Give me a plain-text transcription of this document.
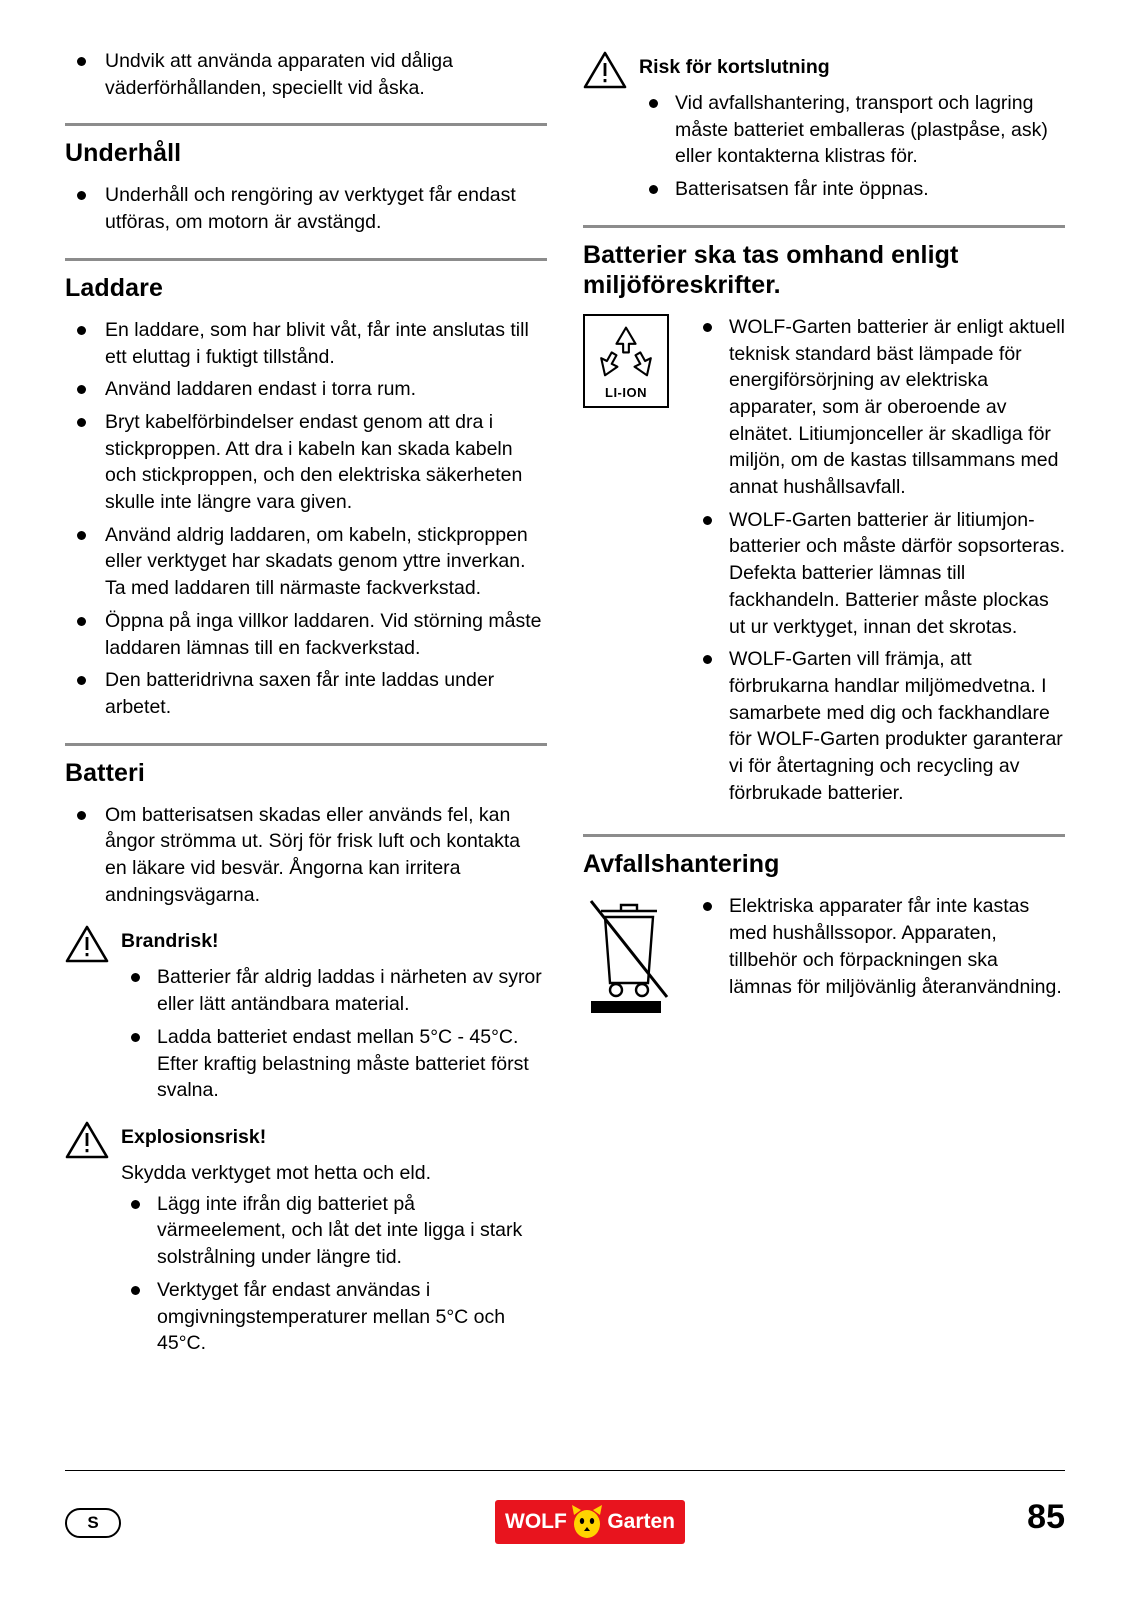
Undvik att använda apparaten vid dåliga väderförhållanden, speciellt vid åska.
Underhåll
Underhåll och rengöring av verktyget får endast utföras, om motorn är avstängd.
Laddare
En laddare, som har blivit våt, får inte anslutas till ett eluttag i fuktigt tillstånd.
Använd laddaren endast i torra rum.
Bryt kabelförbindelser endast genom att dra i stickproppen. Att dra i kabeln kan skada kabeln och stickproppen, och den elektriska säkerheten skulle inte längre vara given.
Använd aldrig laddaren, om kabeln, stickproppen eller verktyget har skadats genom yttre inverkan. Ta med laddaren till närmaste fackverkstad.
Öppna på inga villkor laddaren. Vid störning måste laddaren lämnas till en fackverkstad.
Den batteridrivna saxen får inte laddas under arbetet.
Batteri
Om batterisatsen skadas eller används fel, kan ångor strömma ut. Sörj för frisk luft och kontakta en läkare vid besvär. Ångorna kan irritera andningsvägarna.
Brandrisk!
Batterier får aldrig laddas i närheten av syror eller lätt antändbara material.
Ladda batteriet endast mellan 5°C - 45°C. Efter kraftig belastning måste batteriet först svalna.
Explosionsrisk!

Skydda verktyget mot hetta och eld.

Lägg inte ifrån dig batteriet på värmeelement, och låt det inte ligga i stark solstrålning under längre tid.
Verktyget får endast användas i omgivningstemperaturer mellan 5°C och 45°C.
Risk för kortslutning
Vid avfallshantering, transport och lagring måste batteriet emballeras (plastpåse, ask) eller kontakterna klistras för.
Batterisatsen får inte öppnas.
Batterier ska tas omhand enligt miljöföreskrifter.
LI-ION
WOLF-Garten batterier är enligt aktuell teknisk standard bäst lämpade för energiförsörjning av elektriska apparater, som är oberoende av elnätet. Litiumjonceller är skadliga för miljön, om de kastas tillsammans med annat hushållsavfall.
WOLF-Garten batterier är litiumjon-batterier och måste därför sopsorteras. Defekta batterier lämnas till fackhandeln. Batterier måste plockas ut ur verktyget, innan det skrotas.
WOLF-Garten vill främja, att förbrukarna handlar miljömedvetna. I samarbete med dig och fackhandlare för WOLF-Garten produkter garanterar vi för återtagning och recycling av förbrukade batterier.
Avfallshantering
Elektriska apparater får inte kastas med hushållssopor. Apparaten, tillbehör och förpackningen ska lämnas för miljövänlig återanvändning.
S	WOLF Garten	85
